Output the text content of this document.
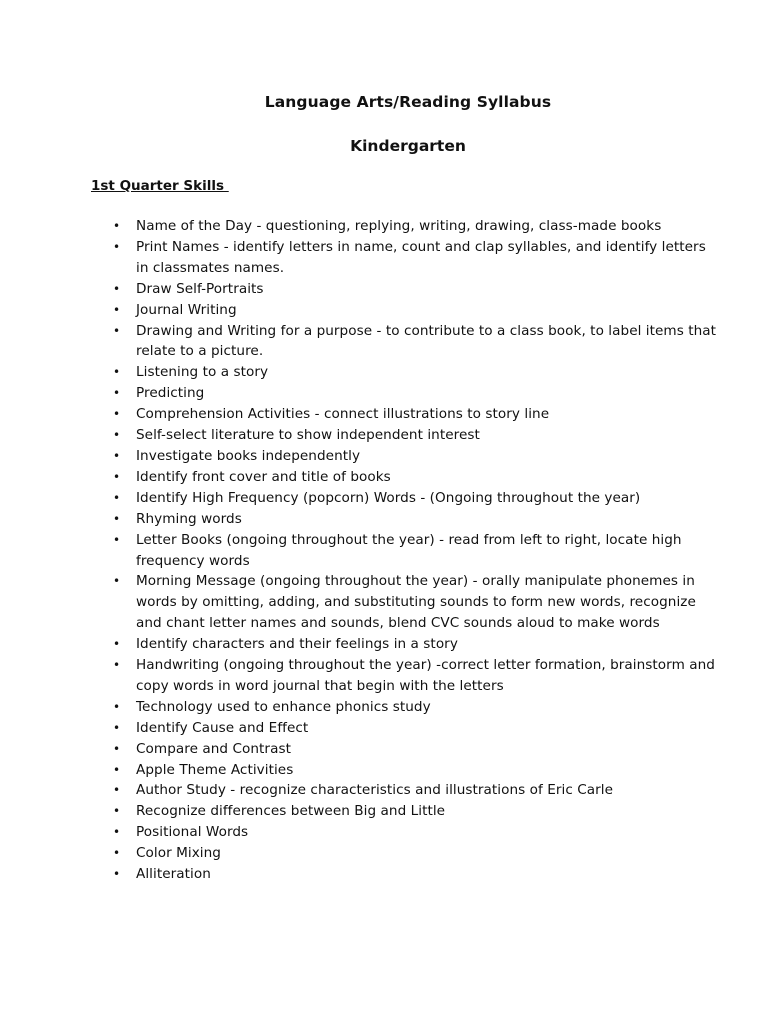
Language Arts/Reading Syllabus
Kindergarten
1st Quarter Skills
• Name of the Day - questioning, replying, writing, drawing, class-made books
• Print Names - identify letters in name, count and clap syllables, and identify letters in classmates names.
• Draw Self-Portraits
• Journal Writing
• Drawing and Writing for a purpose - to contribute to a class book, to label items that relate to a picture.
• Listening to a story
• Predicting
• Comprehension Activities - connect illustrations to story line
• Self-select literature to show independent interest
• Investigate books independently
• Identify front cover and title of books
• Identify High Frequency (popcorn) Words - (Ongoing throughout the year)
• Rhyming words
• Letter Books (ongoing throughout the year) - read from left to right, locate high frequency words
• Morning Message (ongoing throughout the year) - orally manipulate phonemes in words by omitting, adding, and substituting sounds to form new words, recognize and chant letter names and sounds, blend CVC sounds aloud to make words
• Identify characters and their feelings in a story
• Handwriting (ongoing throughout the year) -correct letter formation, brainstorm and copy words in word journal that begin with the letters
• Technology used to enhance phonics study
• Identify Cause and Effect
• Compare and Contrast
• Apple Theme Activities
• Author Study - recognize characteristics and illustrations of Eric Carle
• Recognize differences between Big and Little
• Positional Words
• Color Mixing
• Alliteration
